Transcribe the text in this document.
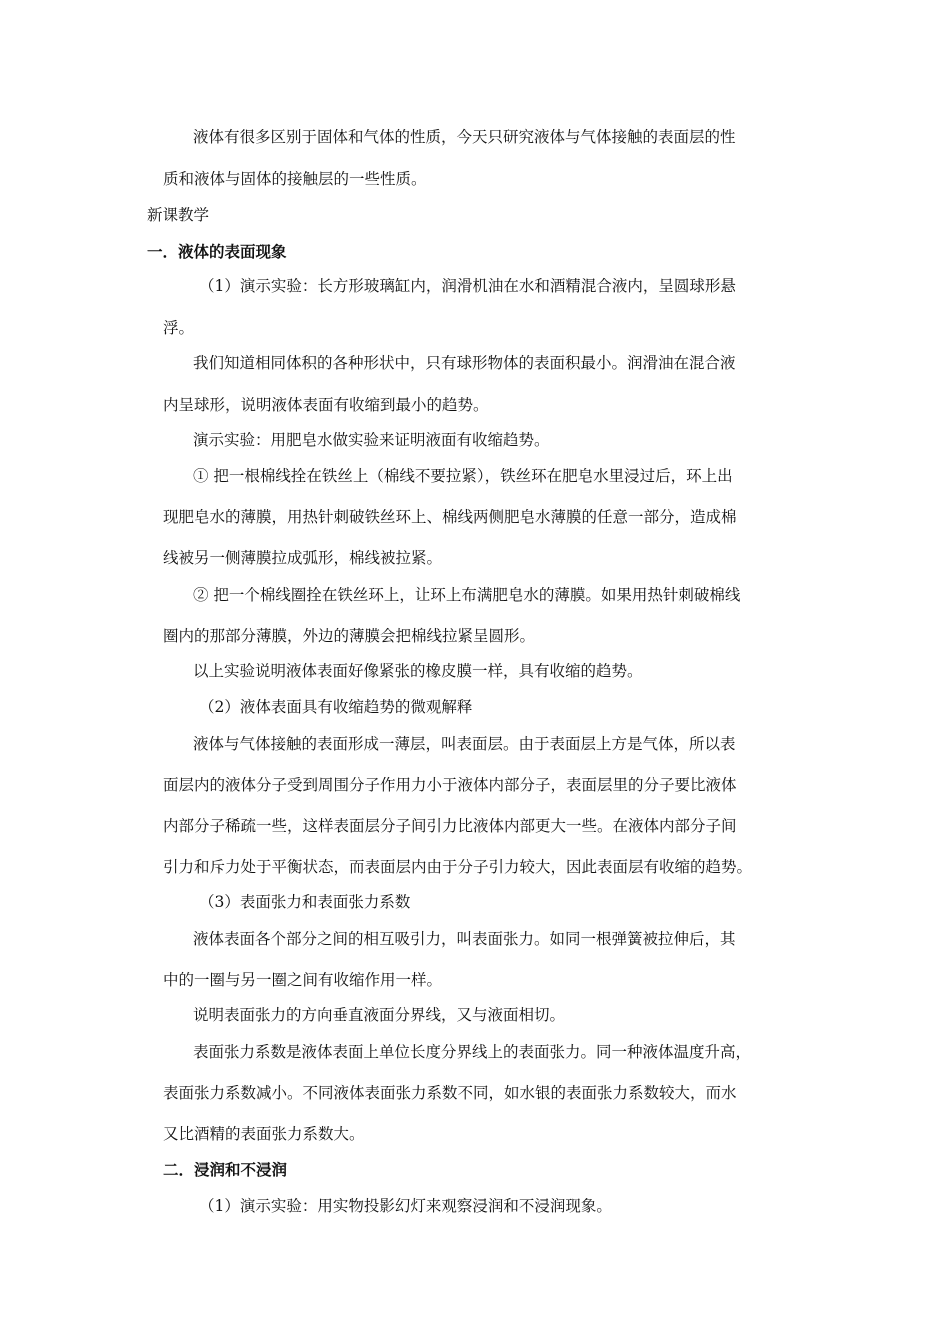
液体有很多区别于固体和气体的性质，今天只研究液体与气体接触的表面层的性
质和液体与固体的接触层的一些性质。
新课教学
一．液体的表面现象
（1）演示实验：长方形玻璃缸内，润滑机油在水和酒精混合液内，呈圆球形悬
浮。
我们知道相同体积的各种形状中，只有球形物体的表面积最小。润滑油在混合液
内呈球形，说明液体表面有收缩到最小的趋势。
演示实验：用肥皂水做实验来证明液面有收缩趋势。
① 把一根棉线拴在铁丝上（棉线不要拉紧），铁丝环在肥皂水里浸过后，环上出
现肥皂水的薄膜，用热针刺破铁丝环上、棉线两侧肥皂水薄膜的任意一部分，造成棉
线被另一侧薄膜拉成弧形，棉线被拉紧。
② 把一个棉线圈拴在铁丝环上，让环上布满肥皂水的薄膜。如果用热针刺破棉线
圈内的那部分薄膜，外边的薄膜会把棉线拉紧呈圆形。
以上实验说明液体表面好像紧张的橡皮膜一样，具有收缩的趋势。
（2）液体表面具有收缩趋势的微观解释
液体与气体接触的表面形成一薄层，叫表面层。由于表面层上方是气体，所以表
面层内的液体分子受到周围分子作用力小于液体内部分子，表面层里的分子要比液体
内部分子稀疏一些，这样表面层分子间引力比液体内部更大一些。在液体内部分子间
引力和斥力处于平衡状态，而表面层内由于分子引力较大，因此表面层有收缩的趋势。
（3）表面张力和表面张力系数
液体表面各个部分之间的相互吸引力，叫表面张力。如同一根弹簧被拉伸后，其
中的一圈与另一圈之间有收缩作用一样。
说明表面张力的方向垂直液面分界线，又与液面相切。
表面张力系数是液体表面上单位长度分界线上的表面张力。同一种液体温度升高，
表面张力系数减小。不同液体表面张力系数不同，如水银的表面张力系数较大，而水
又比酒精的表面张力系数大。
二．浸润和不浸润
（1）演示实验：用实物投影幻灯来观察浸润和不浸润现象。
